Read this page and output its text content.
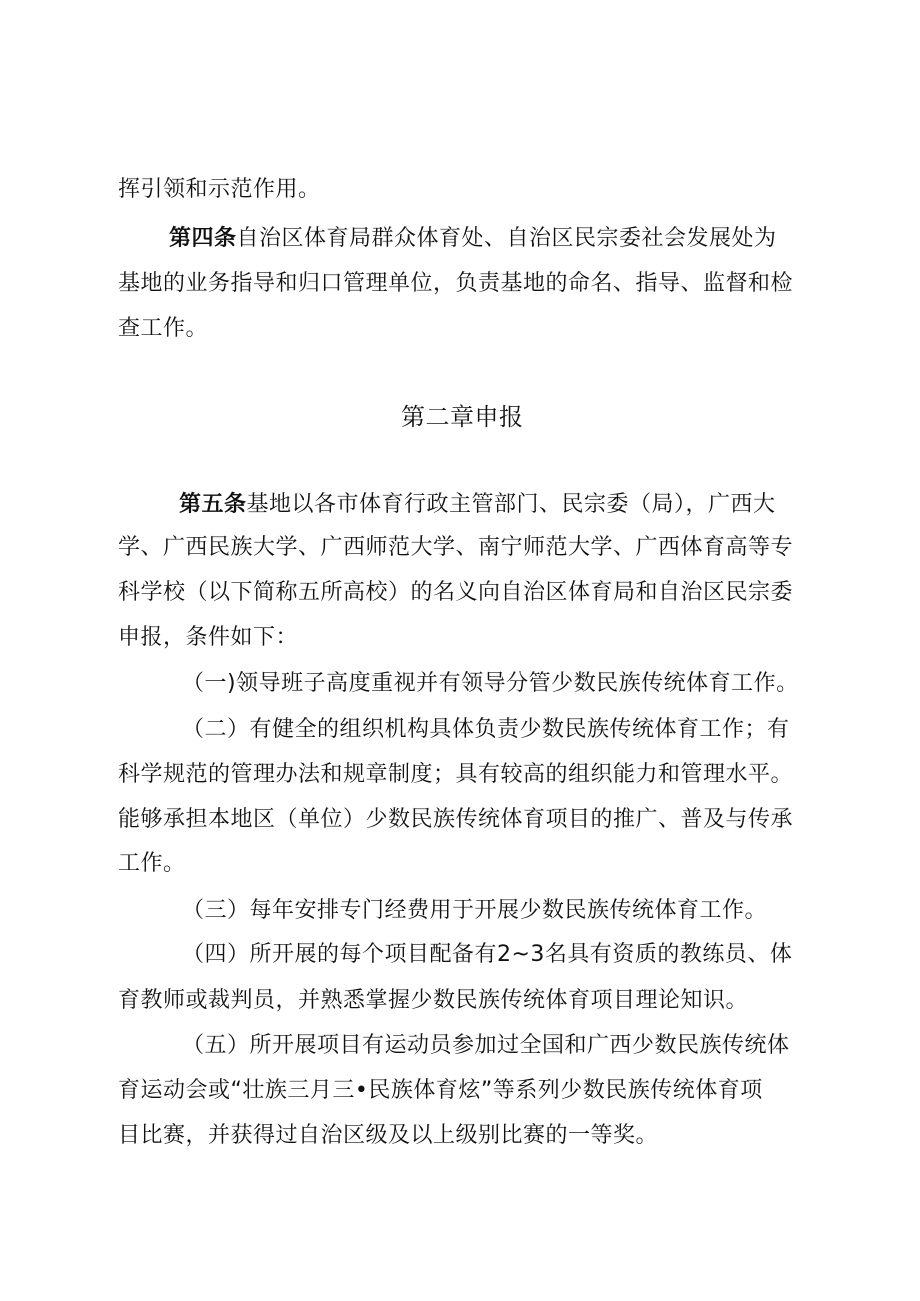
挥引领和示范作用。

第四条自治区体育局群众体育处、自治区民宗委社会发展处为

基地的业务指导和归口管理单位，负责基地的命名、指导、监督和检

查工作。

第二章申报

第五条基地以各市体育行政主管部门、民宗委（局），广西大

学、广西民族大学、广西师范大学、南宁师范大学、广西体育高等专

科学校（以下简称五所高校）的名义向自治区体育局和自治区民宗委

申报，条件如下：

（一)领导班子高度重视并有领导分管少数民族传统体育工作。

（二）有健全的组织机构具体负责少数民族传统体育工作；有

科学规范的管理办法和规章制度；具有较高的组织能力和管理水平。

能够承担本地区（单位）少数民族传统体育项目的推广、普及与传承

工作。

（三）每年安排专门经费用于开展少数民族传统体育工作。

（四）所开展的每个项目配备有2~3名具有资质的教练员、体

育教师或裁判员，并熟悉掌握少数民族传统体育项目理论知识。

（五）所开展项目有运动员参加过全国和广西少数民族传统体

育运动会或“壮族三月三•民族体育炫”等系列少数民族传统体育项

目比赛，并获得过自治区级及以上级别比赛的一等奖。
